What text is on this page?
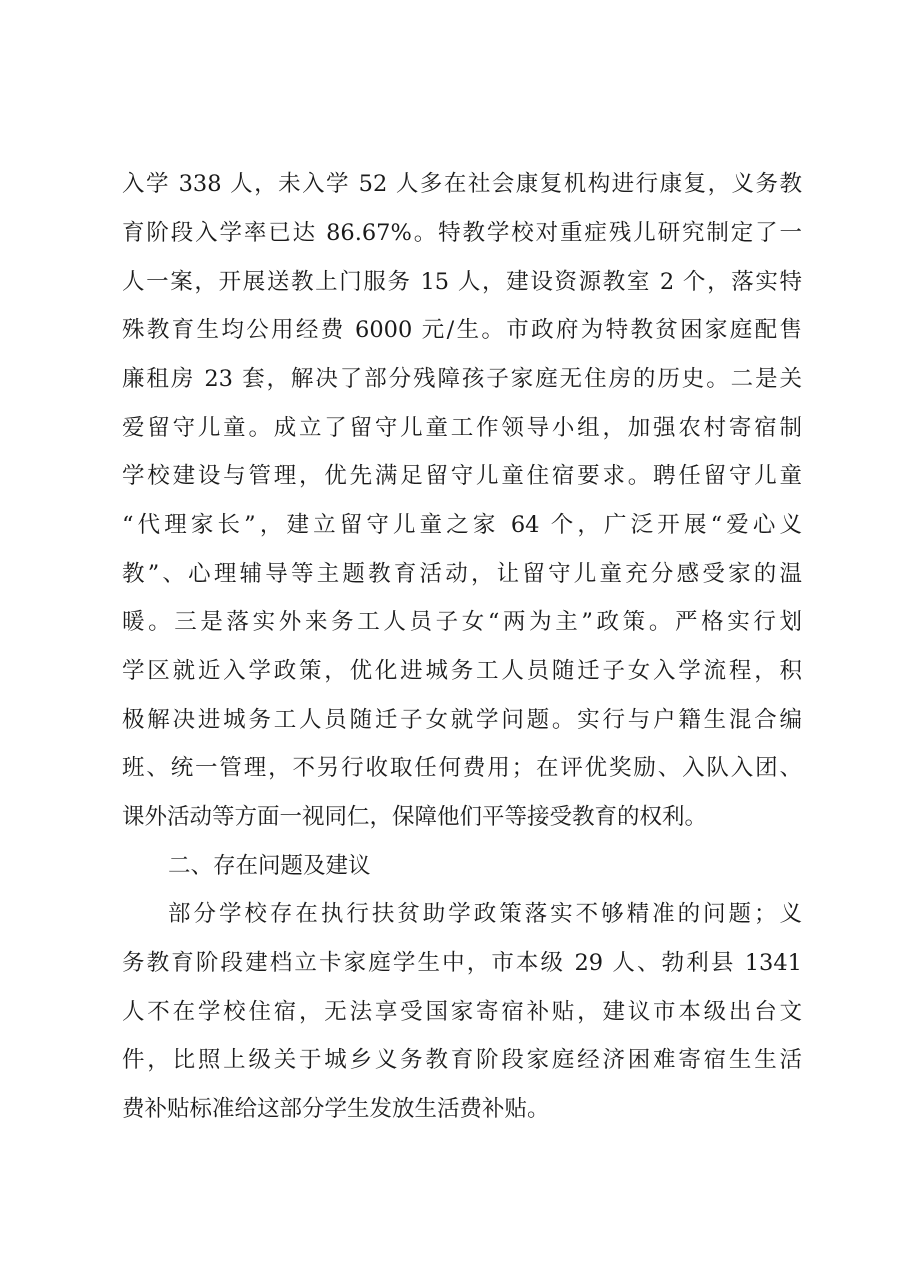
入学 338 人，未入学 52 人多在社会康复机构进行康复，义务教
育阶段入学率已达 86.67%。特教学校对重症残儿研究制定了一
人一案，开展送教上门服务 15 人，建设资源教室 2 个，落实特
殊教育生均公用经费 6000 元/生。市政府为特教贫困家庭配售
廉租房 23 套，解决了部分残障孩子家庭无住房的历史。二是关
爱留守儿童。成立了留守儿童工作领导小组，加强农村寄宿制
学校建设与管理，优先满足留守儿童住宿要求。聘任留守儿童
“代理家长”，建立留守儿童之家 64 个，广泛开展“爱心义
教”、心理辅导等主题教育活动，让留守儿童充分感受家的温
暖。三是落实外来务工人员子女“两为主”政策。严格实行划
学区就近入学政策，优化进城务工人员随迁子女入学流程，积
极解决进城务工人员随迁子女就学问题。实行与户籍生混合编
班、统一管理，不另行收取任何费用；在评优奖励、入队入团、
课外活动等方面一视同仁，保障他们平等接受教育的权利。
二、存在问题及建议
部分学校存在执行扶贫助学政策落实不够精准的问题；义
务教育阶段建档立卡家庭学生中，市本级 29 人、勃利县 1341
人不在学校住宿，无法享受国家寄宿补贴，建议市本级出台文
件，比照上级关于城乡义务教育阶段家庭经济困难寄宿生生活
费补贴标准给这部分学生发放生活费补贴。
